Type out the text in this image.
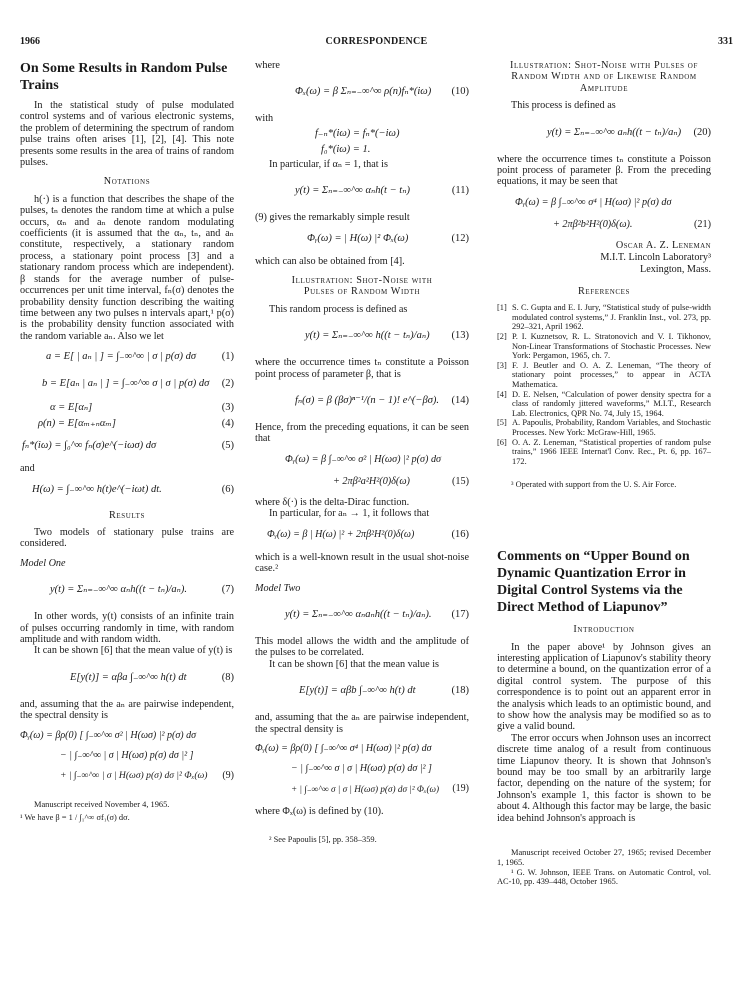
1966	CORRESPONDENCE	331
On Some Results in Random Pulse Trains

In the statistical study of pulse modulated control systems and of various electronic systems, the problem of determining the spectrum of random pulse trains often arises [1], [2], [4]. This note presents some results in the area of trains of random pulses.

Notations

h(·) is a function that describes the shape of the pulses, tₙ denotes the random time at which a pulse occurs, αₙ and aₙ denote random modulating coefficients (it is assumed that the αₙ, tₙ, and aₙ constitute, respectively, a stationary random process, a stationary point process [3] and a stationary random process which are independent). β stands for the average number of pulse-occurrences per unit time interval, fₙ(σ) denotes the probability density function describing the waiting time between any two pulses n intervals apart,¹ p(σ) is the probability density function associated with the random variable aₙ. Also we let

a = E[ | aₙ | ] = ∫₋∞^∞ | σ | p(σ) dσ (1)
b = E[aₙ | aₙ | ] = ∫₋∞^∞ σ | σ | p(σ) dσ (2)
α = E[αₙ]	(3)
ρ(n) = E[αₘ₊ₙαₘ]	(4)
fₙ*(iω) = ∫₀^∞ fₙ(σ)e^(−iωσ) dσ	(5)

and

H(ω) = ∫₋∞^∞ h(t)e^(−iωt) dt.	(6)
Results

Two models of stationary pulse trains are considered.

Model One
y(t) = Σₙ₌₋∞^∞ αₙh((t − tₙ)/aₙ).	(7)

In other words, y(t) consists of an infinite train of pulses occurring randomly in time, with random amplitude and with random width.

It can be shown [6] that the mean value of y(t) is

E[y(t)] = αβa ∫₋∞^∞ h(t) dt	(8)

and, assuming that the aₙ are pairwise independent, the spectral density is

Φᵧ(ω) = βρ(0) [ ∫₋∞^∞ σ² | H(ωσ) |² p(σ) dσ
− | ∫₋∞^∞ | σ | H(ωσ) p(σ) dσ |² ]
+ | ∫₋∞^∞ | σ | H(ωσ) p(σ) dσ |² Φₓ(ω) (9)
Manuscript received November 4, 1965.
¹ We have β = 1 / ∫₁^∞ σf₁(σ) dσ.

where

Φₓ(ω) = β Σₙ₌₋∞^∞ ρ(n)fₙ*(iω) (10)

with

f₋ₙ*(iω) = fₙ*(−iω)
f₀*(iω) = 1.

In particular, if αₙ = 1, that is

y(t) = Σₙ₌₋∞^∞ αₙh(t − tₙ)	(11)

(9) gives the remarkably simple result

Φᵧ(ω) = | H(ω) |² Φₓ(ω)	(12)

which can also be obtained from [4].

Illustration: Shot-Noise with Pulses of Random Width

This random process is defined as

y(t) = Σₙ₌₋∞^∞ h((t − tₙ)/aₙ) (13)

where the occurrence times tₙ constitute a Poisson point process of parameter β, that is

fₙ(σ) = β (βσ)ⁿ⁻¹/(n − 1)! e^(−βσ). (14)

Hence, from the preceding equations, it can be seen that

Φᵧ(ω) = β ∫₋∞^∞ σ² | H(ωσ) |² p(σ) dσ
+ 2πβ²a²H²(0)δ(ω)	(15)

where δ(·) is the delta-Dirac function.

In particular, for aₙ → 1, it follows that

Φᵧ(ω) = β | H(ω) |² + 2πβ²H²(0)δ(ω)	(16)

which is a well-known result in the usual shot-noise case.²

Model Two
y(t) = Σₙ₌₋∞^∞ αₙaₙh((t − tₙ)/aₙ). (17)

This model allows the width and the amplitude of the pulses to be correlated.

It can be shown [6] that the mean value is

E[y(t)] = αβb ∫₋∞^∞ h(t) dt	(18)

and, assuming that the aₙ are pairwise independent, the spectral density is

Φᵧ(ω) = βρ(0) [ ∫₋∞^∞ σ⁴ | H(ωσ) |² p(σ) dσ
− | ∫₋∞^∞ σ | σ | H(ωσ) p(σ) dσ |² ]
+ | ∫₋∞^∞ σ | σ | H(ωσ) p(σ) dσ |² Φₓ(ω) (19)

where Φₓ(ω) is defined by (10).

² See Papoulis [5], pp. 358–359.
Illustration: Shot-Noise with Pulses of Random Width and of Likewise Random Amplitude

This process is defined as

y(t) = Σₙ₌₋∞^∞ aₙh((t − tₙ)/aₙ) (20)

where the occurrence times tₙ constitute a Poisson point process of parameter β. From the preceding equations, it may be seen that

Φᵧ(ω) = β ∫₋∞^∞ σ⁴ | H(ωσ) |² p(σ) dσ
+ 2πβ²b²H²(0)δ(ω).	(21)
Oscar A. Z. Leneman
M.I.T. Lincoln Laboratory³
Lexington, Mass.
References
[1] S. C. Gupta and E. I. Jury, “Statistical study of pulse-width modulated control systems,” J. Franklin Inst., vol. 273, pp. 292–321, April 1962.
[2] P. I. Kuznetsov, R. L. Stratonovich and V. I. Tikhonov, Non-Linear Transformations of Stochastic Processes. New York: Pergamon, 1965, ch. 7.
[3] F. J. Beutler and O. A. Z. Leneman, “The theory of stationary point processes,” to appear in ACTA Mathematica.
[4] D. E. Nelsen, “Calculation of power density spectra for a class of randomly jittered waveforms,” M.I.T., Research Lab. Electronics, QPR No. 74, July 15, 1964.
[5] A. Papoulis, Probability, Random Variables, and Stochastic Processes. New York: McGraw-Hill, 1965.
[6] O. A. Z. Leneman, “Statistical properties of random pulse trains,” 1966 IEEE Internat'l Conv. Rec., Pt. 6, pp. 167–172.
³ Operated with support from the U. S. Air Force.
Comments on “Upper Bound on Dynamic Quantization Error in Digital Control Systems via the Direct Method of Liapunov”
Introduction

In the paper above¹ by Johnson gives an interesting application of Liapunov's stability theory to determine a bound, on the quantization error of a digital control system. The purpose of this correspondence is to point out an apparent error in the analysis which leads to an optimistic bound, and to show how the analysis may be modified so as to give a valid bound.

The error occurs when Johnson uses an incorrect discrete time analog of a result from continuous time Liapunov theory. It is shown that Johnson's bound may be too small by an arbitrarily large factor, depending on the nature of the system; for Johnson's example 1, this factor is shown to be about 4. Although this factor may be large, the basic idea behind Johnson's approach is

Manuscript received October 27, 1965; revised December 1, 1965.
¹ G. W. Johnson, IEEE Trans. on Automatic Control, vol. AC-10, pp. 439–448, October 1965.
